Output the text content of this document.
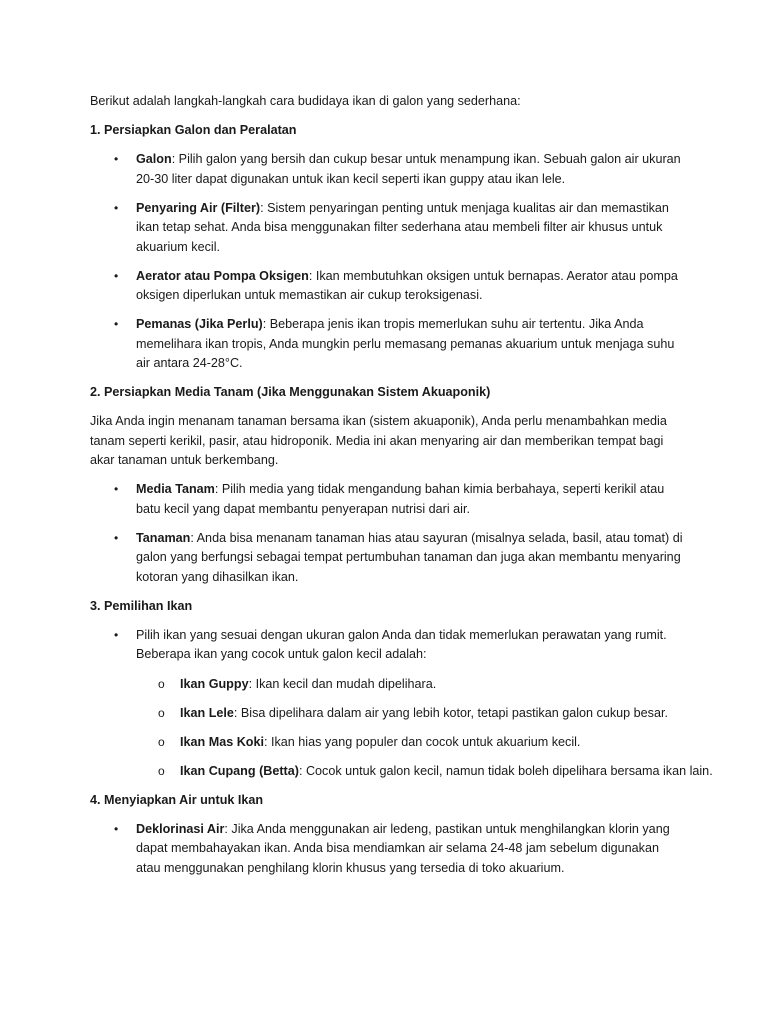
Berikut adalah langkah-langkah cara budidaya ikan di galon yang sederhana:

1. Persiapkan Galon dan Peralatan

• Galon: Pilih galon yang bersih dan cukup besar untuk menampung ikan. Sebuah galon air ukuran 20-30 liter dapat digunakan untuk ikan kecil seperti ikan guppy atau ikan lele.
• Penyaring Air (Filter): Sistem penyaringan penting untuk menjaga kualitas air dan memastikan ikan tetap sehat. Anda bisa menggunakan filter sederhana atau membeli filter air khusus untuk akuarium kecil.
• Aerator atau Pompa Oksigen: Ikan membutuhkan oksigen untuk bernapas. Aerator atau pompa oksigen diperlukan untuk memastikan air cukup teroksigenasi.
• Pemanas (Jika Perlu): Beberapa jenis ikan tropis memerlukan suhu air tertentu. Jika Anda memelihara ikan tropis, Anda mungkin perlu memasang pemanas akuarium untuk menjaga suhu air antara 24-28°C.

2. Persiapkan Media Tanam (Jika Menggunakan Sistem Akuaponik)

Jika Anda ingin menanam tanaman bersama ikan (sistem akuaponik), Anda perlu menambahkan media tanam seperti kerikil, pasir, atau hidroponik. Media ini akan menyaring air dan memberikan tempat bagi akar tanaman untuk berkembang.

• Media Tanam: Pilih media yang tidak mengandung bahan kimia berbahaya, seperti kerikil atau batu kecil yang dapat membantu penyerapan nutrisi dari air.
• Tanaman: Anda bisa menanam tanaman hias atau sayuran (misalnya selada, basil, atau tomat) di galon yang berfungsi sebagai tempat pertumbuhan tanaman dan juga akan membantu menyaring kotoran yang dihasilkan ikan.

3. Pemilihan Ikan

• Pilih ikan yang sesuai dengan ukuran galon Anda dan tidak memerlukan perawatan yang rumit. Beberapa ikan yang cocok untuk galon kecil adalah:
o Ikan Guppy: Ikan kecil dan mudah dipelihara.
o Ikan Lele: Bisa dipelihara dalam air yang lebih kotor, tetapi pastikan galon cukup besar.
o Ikan Mas Koki: Ikan hias yang populer dan cocok untuk akuarium kecil.
o Ikan Cupang (Betta): Cocok untuk galon kecil, namun tidak boleh dipelihara bersama ikan lain.

4. Menyiapkan Air untuk Ikan

• Deklorinasi Air: Jika Anda menggunakan air ledeng, pastikan untuk menghilangkan klorin yang dapat membahayakan ikan. Anda bisa mendiamkan air selama 24-48 jam sebelum digunakan atau menggunakan penghilang klorin khusus yang tersedia di toko akuarium.
